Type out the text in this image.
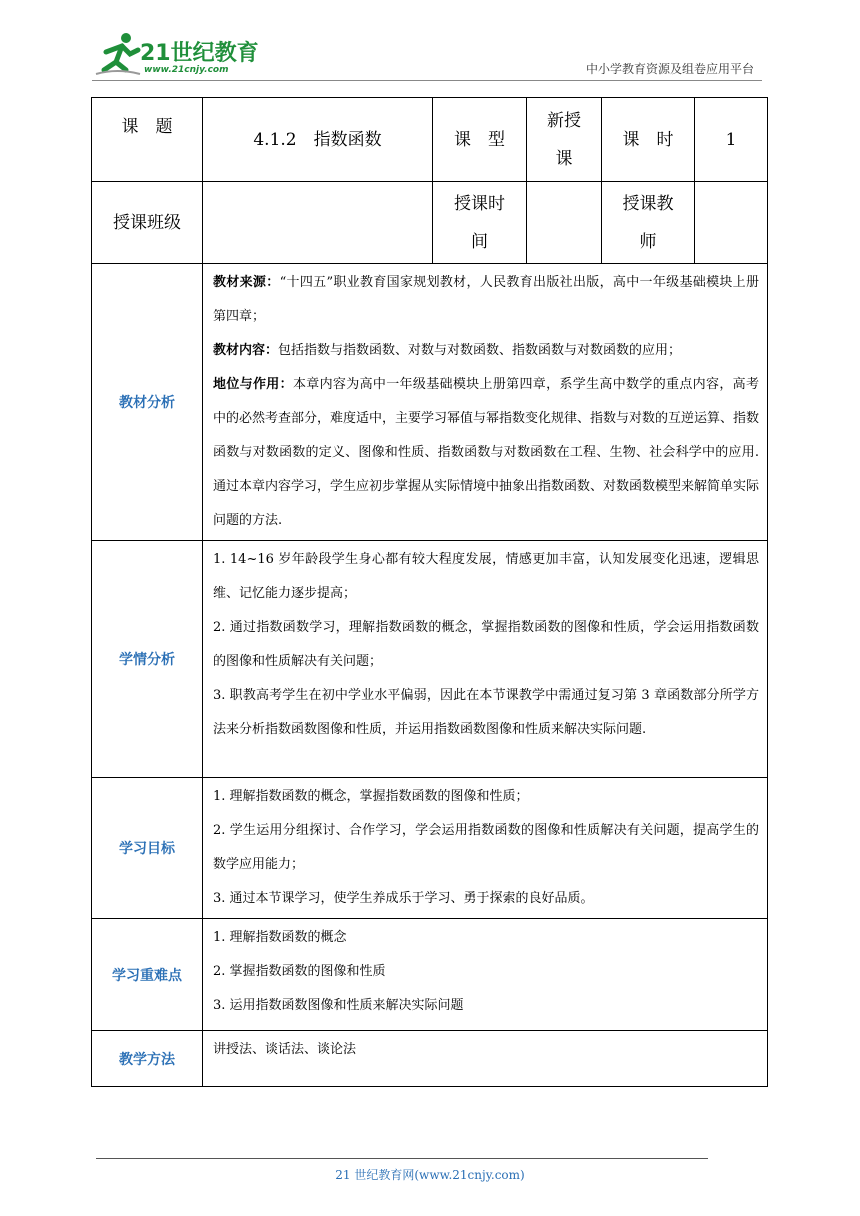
21世纪教育
www.21cnjy.com	中小学教育资源及组卷应用平台
课　题	4.1.2　指数函数	课　型	新授课	课　时	1
授课班级		授课时间		授课教师	
教材分析	教材来源：“十四五”职业教育国家规划教材，人民教育出版社出版，高中一年级基础模块上册第四章；

教材内容：包括指数与指数函数、对数与对数函数、指数函数与对数函数的应用；

地位与作用：本章内容为高中一年级基础模块上册第四章，系学生高中数学的重点内容，高考中的必然考查部分，难度适中，主要学习幂值与幂指数变化规律、指数与对数的互逆运算、指数函数与对数函数的定义、图像和性质、指数函数与对数函数在工程、生物、社会科学中的应用.通过本章内容学习，学生应初步掌握从实际情境中抽象出指数函数、对数函数模型来解简单实际问题的方法.				

学情分析	1. 14~16 岁年龄段学生身心都有较大程度发展，情感更加丰富，认知发展变化迅速，逻辑思维、记忆能力逐步提高；

2. 通过指数函数学习，理解指数函数的概念，掌握指数函数的图像和性质，学会运用指数函数的图像和性质解决有关问题；

3. 职教高考学生在初中学业水平偏弱，因此在本节课教学中需通过复习第 3 章函数部分所学方法来分析指数函数图像和性质，并运用指数函数图像和性质来解决实际问题.				

学习目标	1. 理解指数函数的概念，掌握指数函数的图像和性质；

2. 学生运用分组探讨、合作学习，学会运用指数函数的图像和性质解决有关问题，提高学生的数学应用能力；

3. 通过本节课学习，使学生养成乐于学习、勇于探索的良好品质。				

学习重难点	1. 理解指数函数的概念

2. 掌握指数函数的图像和性质

3. 运用指数函数图像和性质来解决实际问题				

教学方法	讲授法、谈话法、谈论法				

21 世纪教育网(www.21cnjy.com)
